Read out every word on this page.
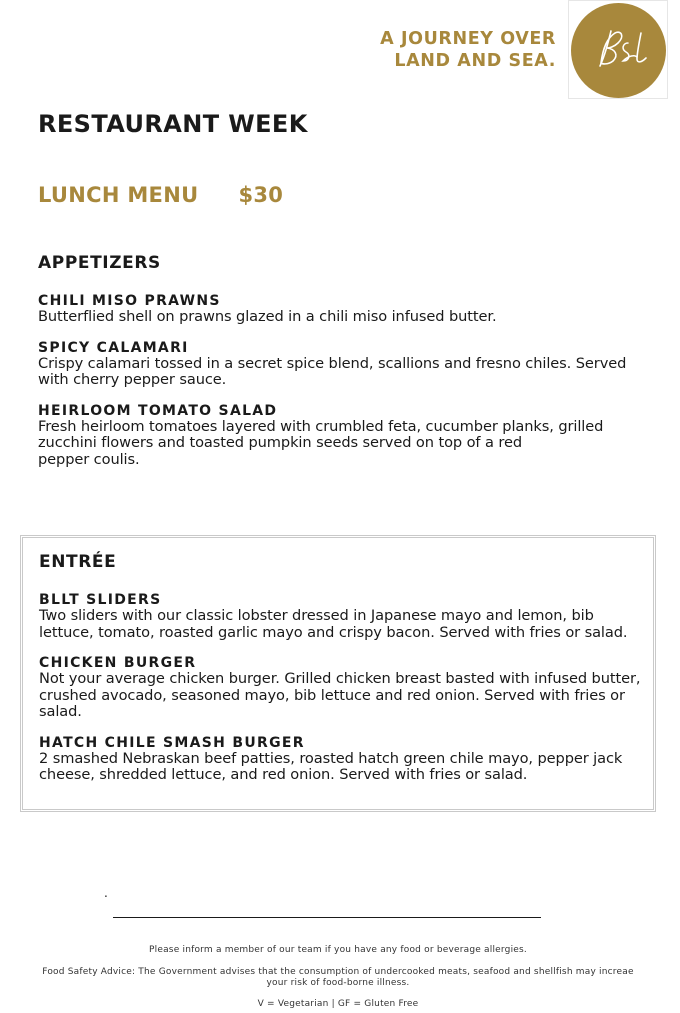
A JOURNEY OVER
LAND AND SEA.
RESTAURANT WEEK
LUNCH MENU $30
APPETIZERS
CHILI MISO PRAWNS
Butterflied shell on prawns glazed in a chili miso infused butter.
SPICY CALAMARI
Crispy calamari tossed in a secret spice blend, scallions and fresno chiles. Served with cherry pepper sauce.
HEIRLOOM TOMATO SALAD
Fresh heirloom tomatoes layered with crumbled feta, cucumber planks, grilled
zucchini flowers and toasted pumpkin seeds served on top of a red
pepper coulis.
ENTRÉE
BLLT SLIDERS
Two sliders with our classic lobster dressed in Japanese mayo and lemon, bib lettuce, tomato, roasted garlic mayo and crispy bacon. Served with fries or salad.
CHICKEN BURGER
Not your average chicken burger. Grilled chicken breast basted with infused butter, crushed avocado, seasoned mayo, bib lettuce and red onion. Served with fries or salad.
HATCH CHILE SMASH BURGER
2 smashed Nebraskan beef patties, roasted hatch green chile mayo, pepper jack cheese, shredded lettuce, and red onion. Served with fries or salad.
.
Please inform a member of our team if you have any food or beverage allergies.
Food Safety Advice: The Government advises that the consumption of undercooked meats, seafood and shellfish may increae
your risk of food-borne illness.
V = Vegetarian | GF = Gluten Free
